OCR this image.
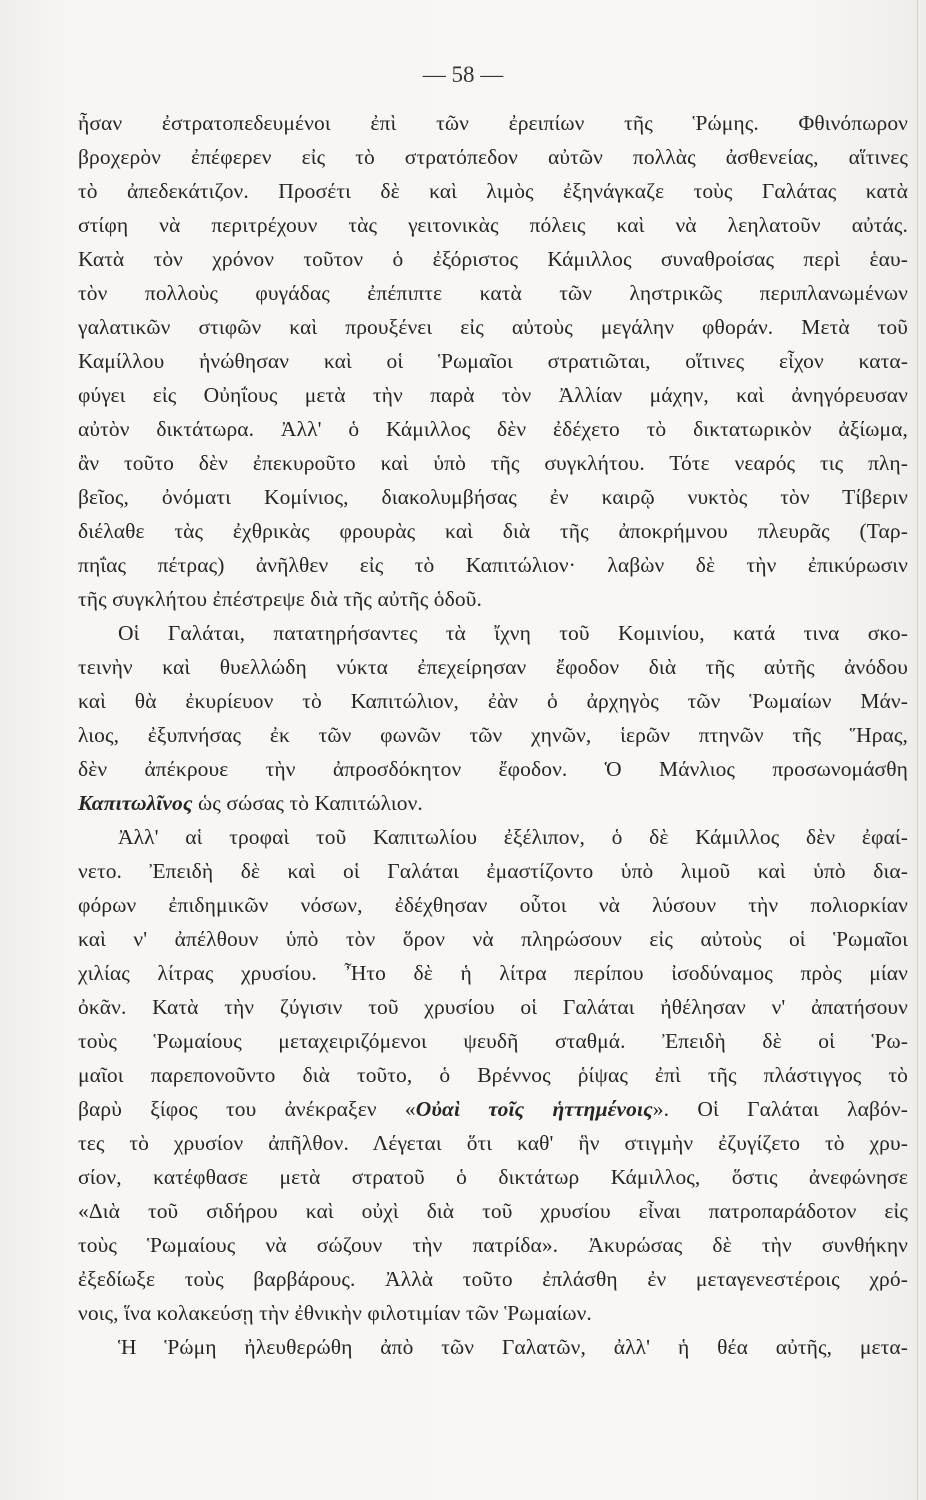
— 58 —
ἦσαν ἐστρατοπεδευμένοι ἐπὶ τῶν ἐρειπίων τῆς Ῥώμης. Φθινόπωρον
βροχερὸν ἐπέφερεν εἰς τὸ στρατόπεδον αὐτῶν πολλὰς ἀσθενείας, αἵτινες
τὸ ἀπεδεκάτιζον. Προσέτι δὲ καὶ λιμὸς ἐξηνάγκαζε τοὺς Γαλάτας κατὰ
στίφη νὰ περιτρέχουν τὰς γειτονικὰς πόλεις καὶ νὰ λεηλατοῦν αὐτάς.
Κατὰ τὸν χρόνον τοῦτον ὁ ἐξόριστος Κάμιλλος συναθροίσας περὶ ἑαυ-
τὸν πολλοὺς φυγάδας ἐπέπιπτε κατὰ τῶν ληστρικῶς περιπλανωμένων
γαλατικῶν στιφῶν καὶ προυξένει εἰς αὐτοὺς μεγάλην φθοράν. Μετὰ τοῦ
Καμίλλου ἡνώθησαν καὶ οἱ Ῥωμαῖοι στρατιῶται, οἵτινες εἶχον κατα-
φύγει εἰς Οὐηΐους μετὰ τὴν παρὰ τὸν Ἀλλίαν μάχην, καὶ ἀνηγόρευσαν
αὐτὸν δικτάτωρα. Ἀλλ' ὁ Κάμιλλος δὲν ἐδέχετο τὸ δικτατωρικὸν ἀξίωμα,
ἂν τοῦτο δὲν ἐπεκυροῦτο καὶ ὑπὸ τῆς συγκλήτου. Τότε νεαρός τις πλη-
βεῖος, ὀνόματι Κομίνιος, διακολυμβήσας ἐν καιρῷ νυκτὸς τὸν Τίβεριν
διέλαθε τὰς ἐχθρικὰς φρουρὰς καὶ διὰ τῆς ἀποκρήμνου πλευρᾶς (Ταρ-
πηΐας πέτρας) ἀνῆλθεν εἰς τὸ Καπιτώλιον· λαβὼν δὲ τὴν ἐπικύρωσιν
τῆς συγκλήτου ἐπέστρεψε διὰ τῆς αὐτῆς ὁδοῦ.
Οἱ Γαλάται, πατατηρήσαντες τὰ ἴχνη τοῦ Κομινίου, κατά τινα σκο-
τεινὴν καὶ θυελλώδη νύκτα ἐπεχείρησαν ἔφοδον διὰ τῆς αὐτῆς ἀνόδου
καὶ θὰ ἐκυρίευον τὸ Καπιτώλιον, ἐὰν ὁ ἀρχηγὸς τῶν Ῥωμαίων Μάν-
λιος, ἐξυπνήσας ἐκ τῶν φωνῶν τῶν χηνῶν, ἱερῶν πτηνῶν τῆς Ἥρας,
δὲν ἀπέκρουε τὴν ἀπροσδόκητον ἔφοδον. Ὁ Μάνλιος προσωνομάσθη
Καπιτωλῖνος ὡς σώσας τὸ Καπιτώλιον.
Ἀλλ' αἱ τροφαὶ τοῦ Καπιτωλίου ἐξέλιπον, ὁ δὲ Κάμιλλος δὲν ἐφαί-
νετο. Ἐπειδὴ δὲ καὶ οἱ Γαλάται ἐμαστίζοντο ὑπὸ λιμοῦ καὶ ὑπὸ δια-
φόρων ἐπιδημικῶν νόσων, ἐδέχθησαν οὗτοι νὰ λύσουν τὴν πολιορκίαν
καὶ ν' ἀπέλθουν ὑπὸ τὸν ὅρον νὰ πληρώσουν εἰς αὐτοὺς οἱ Ῥωμαῖοι
χιλίας λίτρας χρυσίου. Ἦτο δὲ ἡ λίτρα περίπου ἰσοδύναμος πρὸς μίαν
ὀκᾶν. Κατὰ τὴν ζύγισιν τοῦ χρυσίου οἱ Γαλάται ἠθέλησαν ν' ἀπατήσουν
τοὺς Ῥωμαίους μεταχειριζόμενοι ψευδῆ σταθμά. Ἐπειδὴ δὲ οἱ Ῥω-
μαῖοι παρεπονοῦντο διὰ τοῦτο, ὁ Βρέννος ῥίψας ἐπὶ τῆς πλάστιγγος τὸ
βαρὺ ξίφος του ἀνέκραξεν «Οὐαὶ τοῖς ἡττημένοις». Οἱ Γαλάται λαβόν-
τες τὸ χρυσίον ἀπῆλθον. Λέγεται ὅτι καθ' ἣν στιγμὴν ἐζυγίζετο τὸ χρυ-
σίον, κατέφθασε μετὰ στρατοῦ ὁ δικτάτωρ Κάμιλλος, ὅστις ἀνεφώνησε
«Διὰ τοῦ σιδήρου καὶ οὐχὶ διὰ τοῦ χρυσίου εἶναι πατροπαράδοτον εἰς
τοὺς Ῥωμαίους νὰ σώζουν τὴν πατρίδα». Ἀκυρώσας δὲ τὴν συνθήκην
ἐξεδίωξε τοὺς βαρβάρους. Ἀλλὰ τοῦτο ἐπλάσθη ἐν μεταγενεστέροις χρό-
νοις, ἵνα κολακεύσῃ τὴν ἐθνικὴν φιλοτιμίαν τῶν Ῥωμαίων.
Ἡ Ῥώμη ἠλευθερώθη ἀπὸ τῶν Γαλατῶν, ἀλλ' ἡ θέα αὐτῆς, μετα-
